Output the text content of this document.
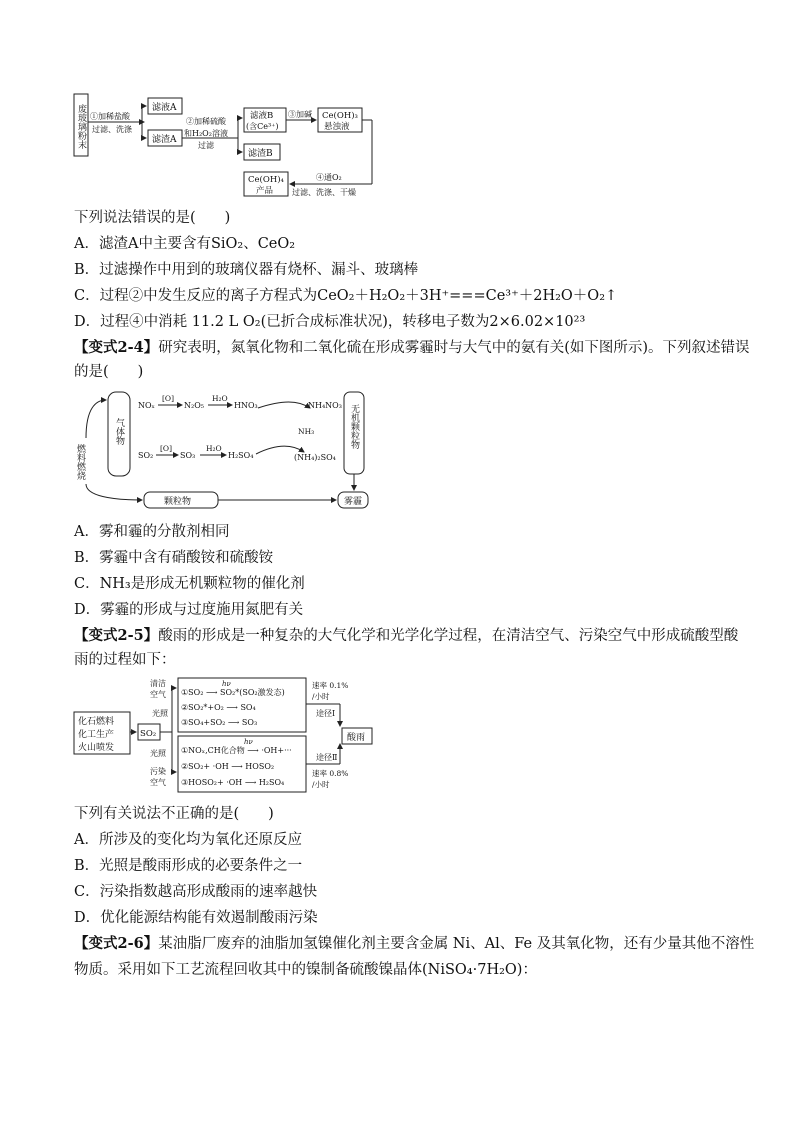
废玻璃粉末 ①加稀盐酸
过滤、洗涤
滤液A
滤渣A
②加稀硫酸
和H₂O₂溶液
过滤
滤液B
(含Ce³⁺)
滤渣B
③加碱 Ce(OH)₃
悬浊液
④通O₂
过滤、洗涤、干燥
Ce(OH)₄
产品
下列说法错误的是(　　)
A．滤渣A中主要含有SiO₂、CeO₂
B．过滤操作中用到的玻璃仪器有烧杯、漏斗、玻璃棒
C．过程②中发生反应的离子方程式为CeO₂＋H₂O₂＋3H⁺===Ce³⁺＋2H₂O＋O₂↑
D．过程④中消耗 11.2 L O₂(已折合成标准状况)，转移电子数为2×6.02×10²³
【变式2-4】研究表明，氮氧化物和二氧化硫在形成雾霾时与大气中的氨有关(如下图所示)。下列叙述错误
的是(　　)
燃料燃烧
气体物
NOₓ
[O]
N₂O₅
H₂O
HNO₃	NH₄NO₃
NH₃
SO₂
[O]
SO₃
H₂O
H₂SO₄	(NH₄)₂SO₄
无机颗粒物
颗粒物	雾霾
A．雾和霾的分散剂相同
B．雾霾中含有硝酸铵和硫酸铵
C．NH₃是形成无机颗粒物的催化剂
D．雾霾的形成与过度施用氮肥有关
【变式2-5】酸雨的形成是一种复杂的大气化学和光学化学过程，在清洁空气、污染空气中形成硫酸型酸
雨的过程如下：
化石燃料
化工生产
火山喷发
SO₂
清洁
空气
光照
光照
污染
空气
hν
①SO₂ ⟶ SO₂*(SO₂激发态)
②SO₂*+O₂ ⟶ SO₄
③SO₄+SO₂ ⟶ SO₃
hν
①NOₓ,CH化合物 ⟶ ·OH+···
②SO₂+ ·OH ⟶ HOSO₂
③HOSO₂+ ·OH ⟶ H₂SO₄
速率 0.1%
/小时
途径Ⅰ
途径Ⅱ
速率 0.8%
/小时
酸雨
下列有关说法不正确的是(　　)
A．所涉及的变化均为氧化还原反应
B．光照是酸雨形成的必要条件之一
C．污染指数越高形成酸雨的速率越快
D．优化能源结构能有效遏制酸雨污染
【变式2-6】某油脂厂废弃的油脂加氢镍催化剂主要含金属 Ni、Al、Fe 及其氧化物，还有少量其他不溶性
物质。采用如下工艺流程回收其中的镍制备硫酸镍晶体(NiSO₄·7H₂O)：
